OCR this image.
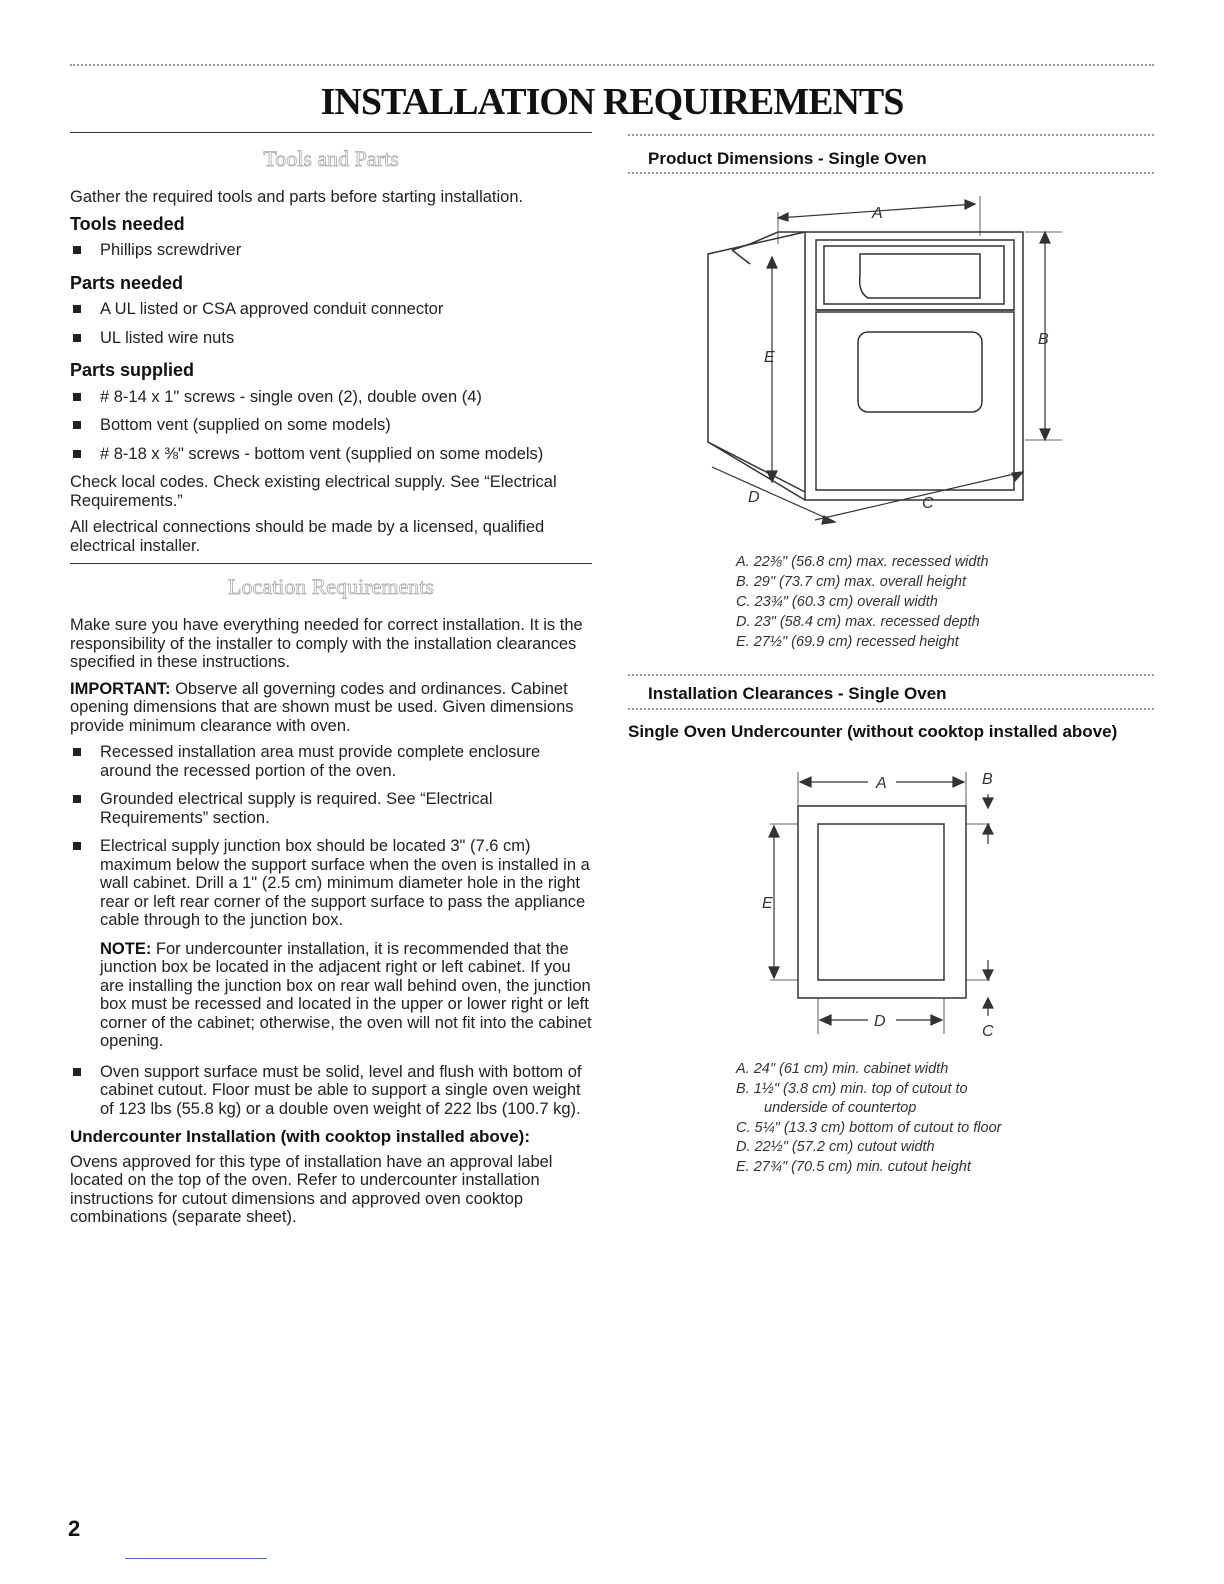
INSTALLATION REQUIREMENTS
Tools and Parts

Gather the required tools and parts before starting installation.

Tools needed
Phillips screwdriver
Parts needed
A UL listed or CSA approved conduit connector
UL listed wire nuts
Parts supplied
# 8-14 x 1" screws - single oven (2), double oven (4)
Bottom vent (supplied on some models)
# 8-18 x ⅜" screws - bottom vent (supplied on some models)

Check local codes. Check existing electrical supply. See “Electrical Requirements.”

All electrical connections should be made by a licensed, qualified electrical installer.

Location Requirements

Make sure you have everything needed for correct installation. It is the responsibility of the installer to comply with the installation clearances specified in these instructions.

IMPORTANT: Observe all governing codes and ordinances. Cabinet opening dimensions that are shown must be used. Given dimensions provide minimum clearance with oven.

Recessed installation area must provide complete enclosure around the recessed portion of the oven.
Grounded electrical supply is required. See “Electrical Requirements” section.
Electrical supply junction box should be located 3" (7.6 cm) maximum below the support surface when the oven is installed in a wall cabinet. Drill a 1" (2.5 cm) minimum diameter hole in the right rear or left rear corner of the support surface to pass the appliance cable through to the junction box.

NOTE: For undercounter installation, it is recommended that the junction box be located in the adjacent right or left cabinet. If you are installing the junction box on rear wall behind oven, the junction box must be recessed and located in the upper or lower right or left corner of the cabinet; otherwise, the oven will not fit into the cabinet opening.

Oven support surface must be solid, level and flush with bottom of cabinet cutout. Floor must be able to support a single oven weight of 123 lbs (55.8 kg) or a double oven weight of 222 lbs (100.7 kg).
Undercounter Installation (with cooktop installed above):

Ovens approved for this type of installation have an approval label located on the top of the oven. Refer to undercounter installation instructions for cutout dimensions and approved oven cooktop combinations (separate sheet).

Product Dimensions - Single Oven
A
B
C
D
E
A. 22⅜" (56.8 cm) max. recessed width
B. 29" (73.7 cm) max. overall height
C. 23¾" (60.3 cm) overall width
D. 23" (58.4 cm) max. recessed depth
E. 27½" (69.9 cm) recessed height
Installation Clearances - Single Oven
Single Oven Undercounter (without cooktop installed above)
A	B
C
D
E
A. 24" (61 cm) min. cabinet width
B. 1½" (3.8 cm) min. top of cutout to
underside of countertop
C. 5¼" (13.3 cm) bottom of cutout to floor
D. 22½" (57.2 cm) cutout width
E. 27¾" (70.5 cm) min. cutout height
2
